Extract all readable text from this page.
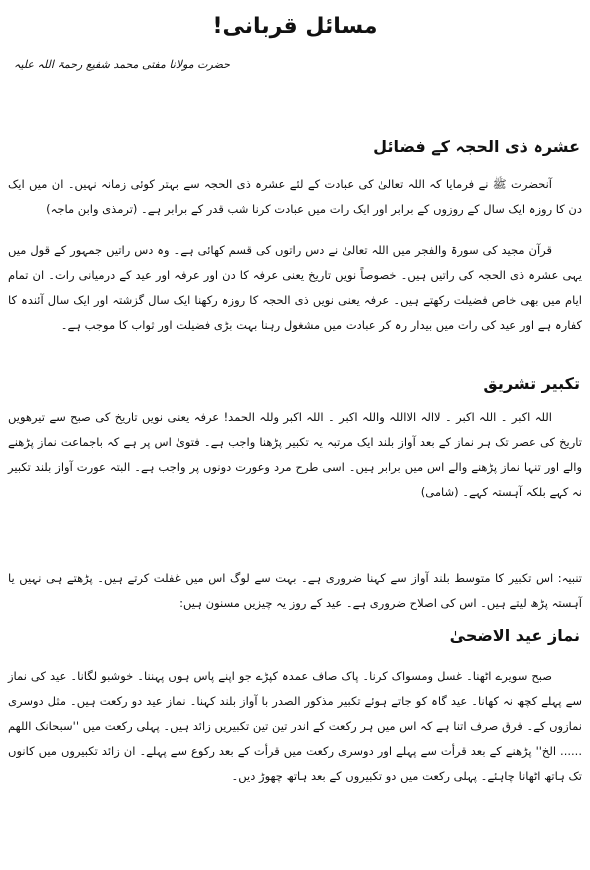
مسائل قربانی!

حضرت مولانا مفتی محمد شفیع رحمۃ اللہ علیہ

عشرہ ذی الحجہ کے فضائل

آنحضرت ﷺ نے فرمایا کہ اللہ تعالیٰ کی عبادت کے لئے عشرہ ذی الحجہ سے بہتر کوئی زمانہ نہیں۔ ان میں ایک دن کا روزہ ایک سال کے روزوں کے برابر اور ایک رات میں عبادت کرنا شب قدر کے برابر ہے۔ (ترمذی وابن ماجہ)

قرآن مجید کی سورۃ والفجر میں اللہ تعالیٰ نے دس راتوں کی قسم کھائی ہے۔ وہ دس راتیں جمہور کے قول میں یہی عشرہ ذی الحجہ کی راتیں ہیں۔ خصوصاً نویں تاریخ یعنی عرفہ کا دن اور عرفہ اور عید کے درمیانی رات۔ ان تمام ایام میں بھی خاص فضیلت رکھتے ہیں۔ عرفہ یعنی نویں ذی الحجہ کا روزہ رکھنا ایک سال گزشتہ اور ایک سال آئندہ کا کفارہ ہے اور عید کی رات میں بیدار رہ کر عبادت میں مشغول رہنا بہت بڑی فضیلت اور ثواب کا موجب ہے۔

تکبیر تشریق

اللہ اکبر ۔ اللہ اکبر ۔ لاالہ الااللہ واللہ اکبر ۔ اللہ اکبر وللہ الحمد! عرفہ یعنی نویں تاریخ کی صبح سے تیرھویں تاریخ کی عصر تک ہر نماز کے بعد آواز بلند ایک مرتبہ یہ تکبیر پڑھنا واجب ہے۔ فتویٰ اس پر ہے کہ باجماعت نماز پڑھنے والے اور تنہا نماز پڑھنے والے اس میں برابر ہیں۔ اسی طرح مرد وعورت دونوں پر واجب ہے۔ البتہ عورت آواز بلند تکبیر نہ کہے بلکہ آہستہ کہے۔ (شامی)

تنبیہ: اس تکبیر کا متوسط بلند آواز سے کہنا ضروری ہے۔ بہت سے لوگ اس میں غفلت کرتے ہیں۔ پڑھتے ہی نہیں یا آہستہ پڑھ لیتے ہیں۔ اس کی اصلاح ضروری ہے۔ عید کے روز یہ چیزیں مسنون ہیں:

نماز عید الاضحیٰ

صبح سویرے اٹھنا۔ غسل ومسواک کرنا۔ پاک صاف عمدہ کپڑے جو اپنے پاس ہوں پہننا۔ خوشبو لگانا۔ عید کی نماز سے پہلے کچھ نہ کھانا۔ عید گاہ کو جاتے ہوئے تکبیر مذکور الصدر با آواز بلند کہنا۔ نماز عید دو رکعت ہیں۔ مثل دوسری نمازوں کے۔ فرق صرف اتنا ہے کہ اس میں ہر رکعت کے اندر تین تین تکبیریں زائد ہیں۔ پہلی رکعت میں ''سبحانک اللھم ...... الخ'' پڑھنے کے بعد قرأت سے پہلے اور دوسری رکعت میں قرأت کے بعد رکوع سے پہلے۔ ان زائد تکبیروں میں کانوں تک ہاتھ اٹھانا چاہئے۔ پہلی رکعت میں دو تکبیروں کے بعد ہاتھ چھوڑ دیں۔
